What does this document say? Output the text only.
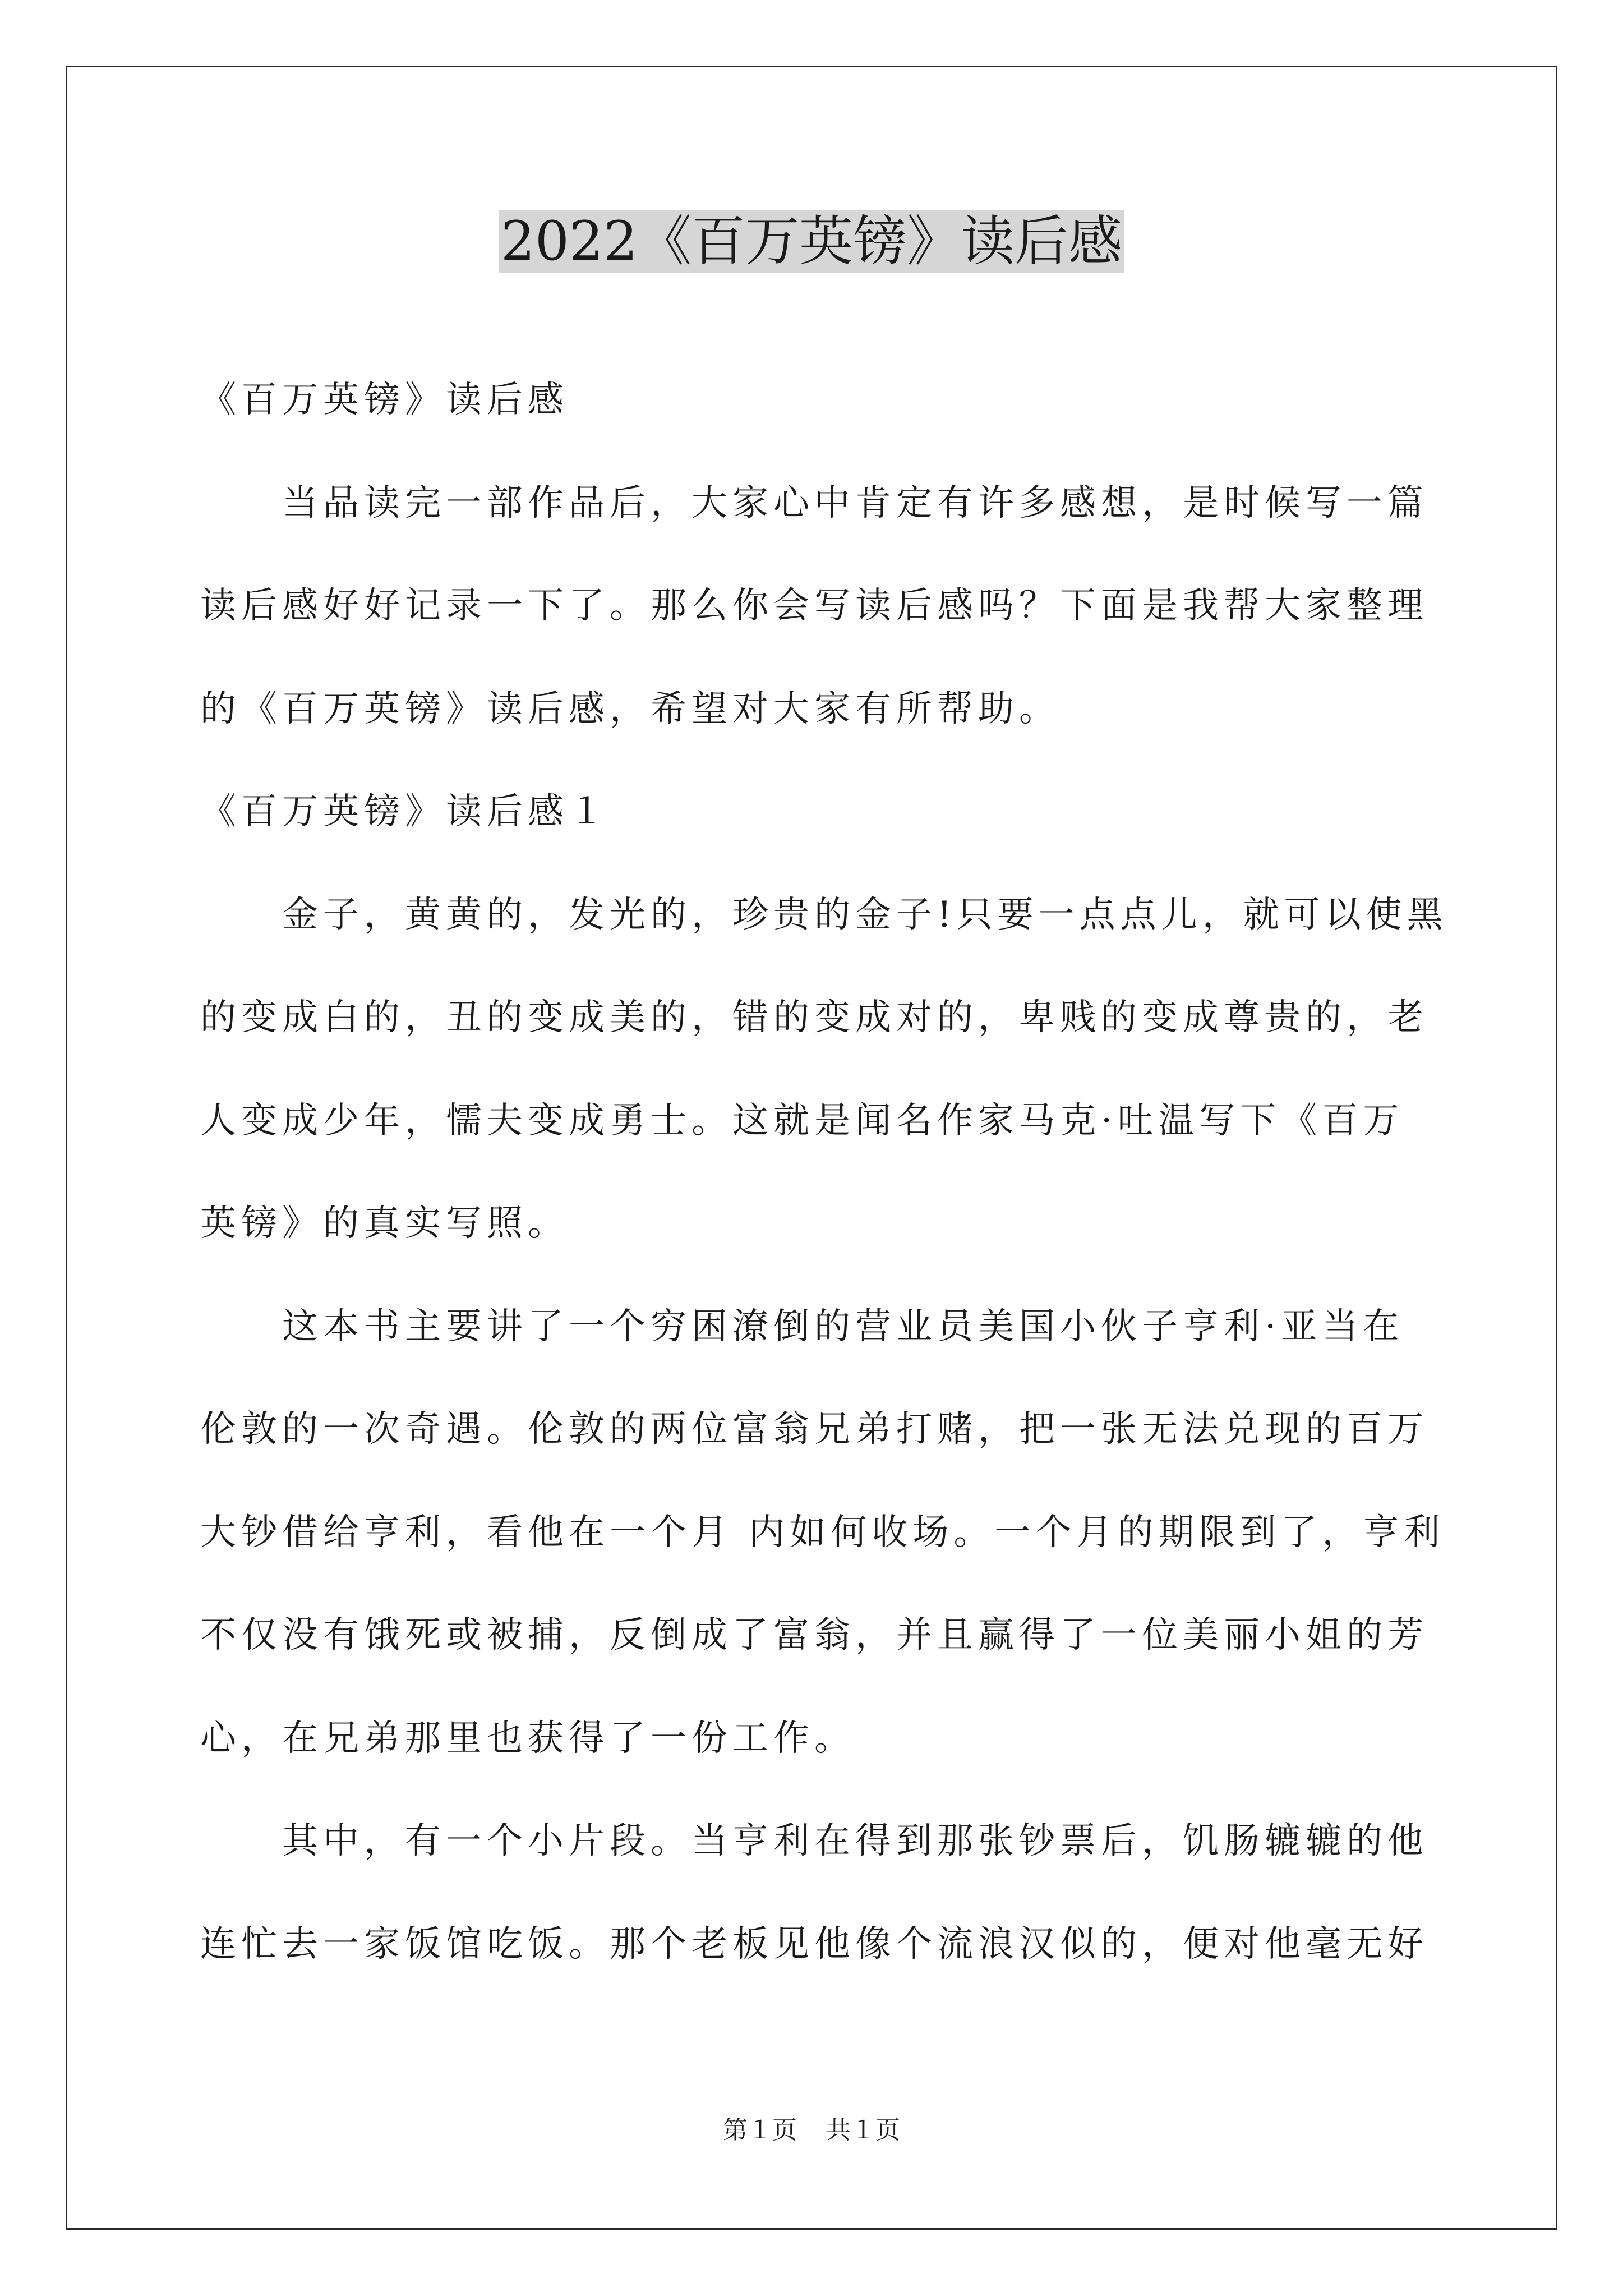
2022《百万英镑》读后感

《百万英镑》读后感

当品读完一部作品后，大家心中肯定有许多感想，是时候写一篇

读后感好好记录一下了。那么你会写读后感吗？下面是我帮大家整理

的《百万英镑》读后感，希望对大家有所帮助。

《百万英镑》读后感１

金子，黄黄的，发光的，珍贵的金子!只要一点点儿，就可以使黑

的变成白的，丑的变成美的，错的变成对的，卑贱的变成尊贵的，老

人变成少年，懦夫变成勇士。这就是闻名作家马克·吐温写下《百万

英镑》的真实写照。

这本书主要讲了一个穷困潦倒的营业员美国小伙子亨利·亚当在

伦敦的一次奇遇。伦敦的两位富翁兄弟打赌，把一张无法兑现的百万

大钞借给亨利，看他在一个月 内如何收场。一个月的期限到了，亨利

不仅没有饿死或被捕，反倒成了富翁，并且赢得了一位美丽小姐的芳

心，在兄弟那里也获得了一份工作。

其中，有一个小片段。当亨利在得到那张钞票后，饥肠辘辘的他

连忙去一家饭馆吃饭。那个老板见他像个流浪汉似的，便对他毫无好

第１页 共１页
